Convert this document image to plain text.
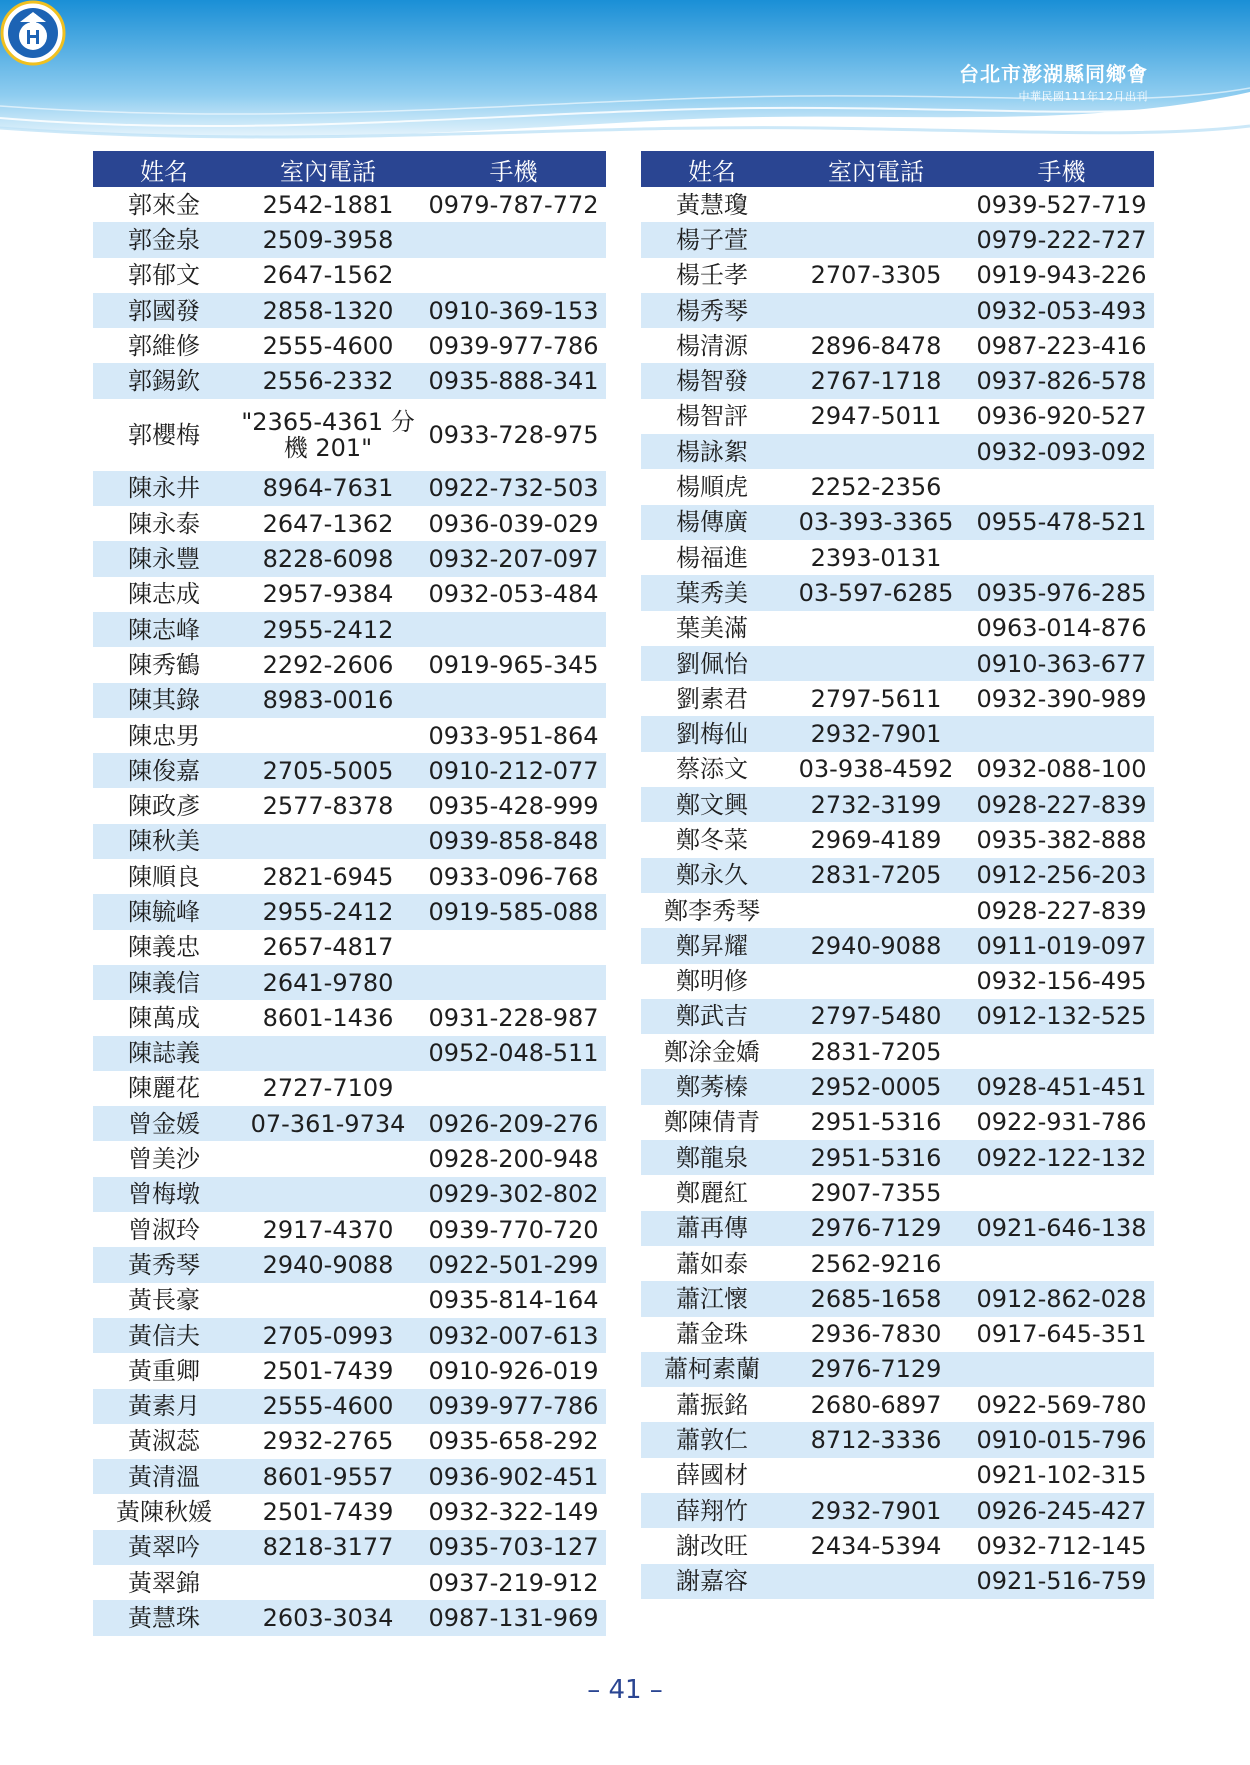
台北市澎湖縣同鄉會
中華民國111年12月出刊
姓名	室內電話	手機
郭來金	2542-1881	0979-787-772
郭金泉	2509-3958	
郭郁文	2647-1562	
郭國發	2858-1320	0910-369-153
郭維修	2555-4600	0939-977-786
郭錫欽	2556-2332	0935-888-341
郭櫻梅	"2365-4361 分機 201"	0933-728-975
陳永井	8964-7631	0922-732-503
陳永泰	2647-1362	0936-039-029
陳永豐	8228-6098	0932-207-097
陳志成	2957-9384	0932-053-484
陳志峰	2955-2412	
陳秀鶴	2292-2606	0919-965-345
陳其錄	8983-0016	
陳忠男		0933-951-864
陳俊嘉	2705-5005	0910-212-077
陳政彥	2577-8378	0935-428-999
陳秋美		0939-858-848
陳順良	2821-6945	0933-096-768
陳毓峰	2955-2412	0919-585-088
陳義忠	2657-4817	
陳義信	2641-9780	
陳萬成	8601-1436	0931-228-987
陳誌義		0952-048-511
陳麗花	2727-7109	
曾金媛	07-361-9734	0926-209-276
曾美沙		0928-200-948
曾梅墩		0929-302-802
曾淑玲	2917-4370	0939-770-720
黃秀琴	2940-9088	0922-501-299
黃長豪		0935-814-164
黃信夫	2705-0993	0932-007-613
黃重卿	2501-7439	0910-926-019
黃素月	2555-4600	0939-977-786
黃淑蕊	2932-2765	0935-658-292
黃清溫	8601-9557	0936-902-451
黃陳秋媛	2501-7439	0932-322-149
黃翠吟	8218-3177	0935-703-127
黃翠錦		0937-219-912
黃慧珠	2603-3034	0987-131-969
姓名	室內電話	手機
黃慧瓊		0939-527-719
楊子萱		0979-222-727
楊壬孝	2707-3305	0919-943-226
楊秀琴		0932-053-493
楊清源	2896-8478	0987-223-416
楊智發	2767-1718	0937-826-578
楊智評	2947-5011	0936-920-527
楊詠絮		0932-093-092
楊順虎	2252-2356	
楊傳廣	03-393-3365	0955-478-521
楊福進	2393-0131	
葉秀美	03-597-6285	0935-976-285
葉美滿		0963-014-876
劉佩怡		0910-363-677
劉素君	2797-5611	0932-390-989
劉梅仙	2932-7901	
蔡添文	03-938-4592	0932-088-100
鄭文興	2732-3199	0928-227-839
鄭冬菜	2969-4189	0935-382-888
鄭永久	2831-7205	0912-256-203
鄭李秀琴		0928-227-839
鄭昇耀	2940-9088	0911-019-097
鄭明修		0932-156-495
鄭武吉	2797-5480	0912-132-525
鄭涂金嬌	2831-7205	
鄭莠榛	2952-0005	0928-451-451
鄭陳倩青	2951-5316	0922-931-786
鄭龍泉	2951-5316	0922-122-132
鄭麗紅	2907-7355	
蕭再傳	2976-7129	0921-646-138
蕭如泰	2562-9216	
蕭江懷	2685-1658	0912-862-028
蕭金珠	2936-7830	0917-645-351
蕭柯素蘭	2976-7129	
蕭振銘	2680-6897	0922-569-780
蕭敦仁	8712-3336	0910-015-796
薛國材		0921-102-315
薛翔竹	2932-7901	0926-245-427
謝改旺	2434-5394	0932-712-145
謝嘉容		0921-516-759
– 41 –
